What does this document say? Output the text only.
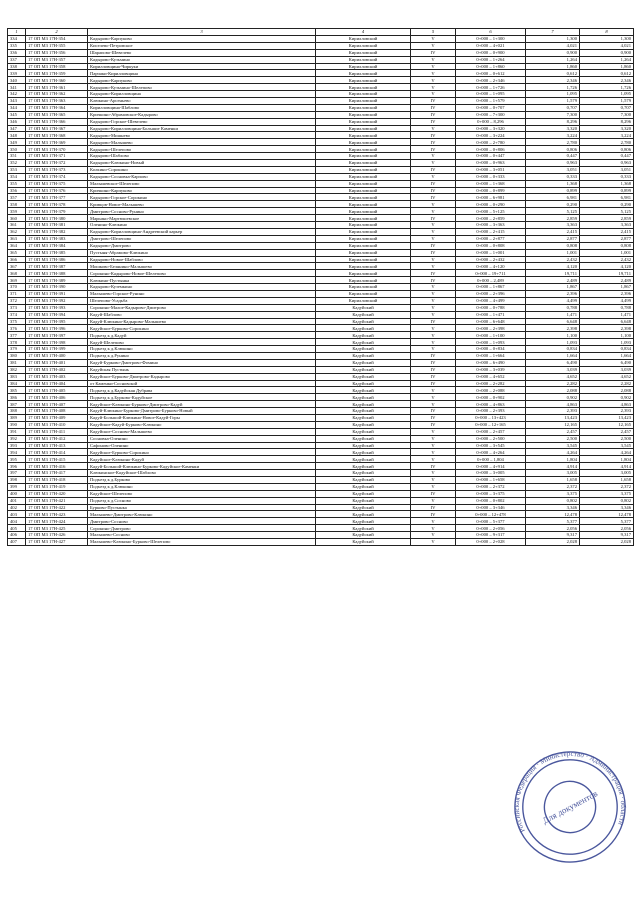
1	2	3	4	5	6	7	8
334	17 OП M3 17Н-354	Кадырово-Карпуково	Кирилловский	V	0+000 – 1+300	1,300	1,300
335	17 OП M3 17Н-355	Киселево-Петровское	Кирилловский	V	0+000 – 4+021	4,021	4,021
336	17 OП M3 17Н-356	Шарапово-Шевелево	Кирилловский	IV	0+000 – 0+900	0,900	0,900
337	17 OП M3 17Н-357	Кадырово-Кузьмино	Кирилловский	V	0+000 – 1+264	1,264	1,264
338	17 OП M3 17Н-358	Кирилловщина-Чиркуки	Кирилловский	V	0+000 – 1+860	1,860	1,860
339	17 OП M3 17Н-359	Парчаки-Кирилловщина	Кирилловский	V	0+000 – 0+612	0,612	0,612
340	17 OП M3 17Н-360	Кадырово-Карпуково	Кирилловский	V	0+000 – 2+346	2,346	2,346
341	17 OП M3 17Н-361	Кадырово-Кузьмино-Шелепово	Кирилловский	V	0+000 – 1+726	1,726	1,726
342	17 OП M3 17Н-362	Кадырово-Кирилловщина	Кирилловский	V	0+000 – 1+095	1,095	1,095
343	17 OП M3 17Н-363	Клюкино-Арсеньево	Кирилловский	IV	0+000 – 1+579	1,579	1,579
344	17 OП M3 17Н-364	Кирилловщина-Шаблово	Кирилловский	IV	0+000 – 0+707	0,707	0,707
345	17 OП M3 17Н-365	Кричкино-Абрамовское-Кадырово	Кирилловский	IV	0+000 – 7+300	7,300	7,300
346	17 OП M3 17Н-366	Кадырово-Горское-Шевелево	Кирилловский	IV	0+000 – 8,296	8,296	8,296
347	17 OП M3 17Н-367	Кадырово-Кирилловщина-Большие Каменки	Кирилловский	V	0+000 – 3+320	3,320	3,320
348	17 OП M3 17Н-368	Кадырово-Мишнево	Кирилловский	IV	0+000 – 3+224	3,224	3,224
349	17 OП M3 17Н-369	Кадырово-Малышево	Кирилловский	IV	0+000 – 2+780	2,780	2,780
350	17 OП M3 17Н-370	Кадырово-Шелепово	Кирилловский	IV	0+000 – 0+806	0,806	0,806
351	17 OП M3 17Н-371	Кадырово-Шаблово	Кирилловский	V	0+000 – 0+447	0,447	0,447
352	17 OП M3 17Н-372	Кадырово-Клюкино-Новый	Кирилловский	V	0+000 – 0+963	0,963	0,963
353	17 OП M3 17Н-373	Колкино-Сорокино	Кирилловский	IV	0+000 – 3+051	3,051	3,051
354	17 OП M3 17Н-374	Кадырово-Сосновка-Карпово	Кирилловский	V	0+000 – 0+333	0,333	0,333
355	17 OП M3 17Н-375	Малышевское-Шелепово	Кирилловский	IV	0+000 – 1+368	1,368	1,368
356	17 OП M3 17Н-376	Кричкино-Карпуково	Кирилловский	IV	0+000 – 0+899	0,899	0,899
357	17 OП M3 17Н-377	Кадырово-Горское-Сорокино	Кирилловский	IV	0+000 – 6+981	6,981	6,981
358	17 OП M3 17Н-378	Кривцов-Новое-Малышево	Кирилловский	V	0+000 – 0+290	0,290	0,290
359	17 OП M3 17Н-379	Дмитрово-Сосново-Рунино	Кирилловский	V	0+000 – 5+125	5,125	5,125
360	17 OП M3 17Н-380	Марьино-Мартюшевское	Кирилловский	IV	0+000 – 2+859	2,859	2,859
361	17 OП M3 17Н-381	Оленино-Клюкино	Кирилловский	V	0+000 – 3+363	3,363	3,363
362	17 OП M3 17Н-382	Кадырово-Кирилловщина-Андреевский карьер	Кирилловский	V	0+000 – 2+415	2,415	2,415
363	17 OП M3 17Н-383	Дмитрово-Шелепово	Кирилловский	V	0+000 – 2+877	2,877	2,877
364	17 OП M3 17Н-384	Кадырово-Дмитрово	Кирилловский	IV	0+000 – 0+808	0,808	0,808
365	17 OП M3 17Н-385	Пустыня-Абрамово-Клюкино	Кирилловский	IV	0+000 – 1+001	1,001	1,001
366	17 OП M3 17Н-386	Кадырово-Новое-Шаблово	Кирилловский	V	0+000 – 2+432	2,432	2,432
367	17 OП M3 17Н-387	Мошково-Белянино-Малышево	Кирилловский	V	0+000 – 4+120	4,120	4,120
368	17 OП M3 17Н-388	Сорокино-Кадырово-Новое-Шелепово	Кирилловский	IV	0+000 – 19+711	19,711	19,711
369	17 OП M3 17Н-389	Клюкино-Пустынка	Кирилловский	IV	0+000 – 2,489	2,489	2,489
370	17 OП M3 17Н-390	Кадырово-Куземкино	Кирилловский	V	0+000 – 1+867	1,867	1,867
371	17 OП M3 17Н-391	Малышево-Горское-Рунино	Кирилловский	V	0+000 – 2+396	2,396	2,396
372	17 OП M3 17Н-392	Шелепово-Усадьба	Кирилловский	V	0+000 – 4+499	4,499	4,499
373	17 OП M3 17Н-393	Сорокино-Малое-Кадырово-Дмитрово	Кадуйский	V	0+000 – 0+788	0,788	0,788
374	17 OП M3 17Н-394	Кадуй-Шаблово	Кадуйский	V	0+000 – 1+471	1,471	1,471
375	17 OП M3 17Н-395	Кадуй-Клюкино-Кадырово-Малышево	Кадуйский	IV	0+000 – 6+648	6,648	6,648
376	17 OП M3 17Н-396	Кадуйское-Бурково-Сорокино	Кадуйский	V	0+000 – 2+398	2,398	2,398
377	17 OП M3 17Н-397	Подъезд к д.Кадуй	Кадуйский	V	0+000 – 1+100	1,100	1,100
378	17 OП M3 17Н-398	Кадуй-Шелепово	Кадуйский	V	0+000 – 1+093	1,093	1,093
379	17 OП M3 17Н-399	Подъезд к д.Клюкино	Кадуйский	V	0+000 – 0+834	0,834	0,834
380	17 OП M3 17Н-400	Подъезд к д.Рунино	Кадуйский	IV	0+000 – 1+664	1,664	1,664
381	17 OП M3 17Н-401	Кадуй-Бурково-Дмитрово-Фомино	Кадуйский	IV	0+000 – 6+490	6,490	6,490
382	17 OП M3 17Н-402	Кадуйская Пустынь	Кадуйский	IV	0+000 – 3+039	3,039	3,039
383	17 OП M3 17Н-403	Кадуйское-Бурково-Дмитрово-Кадырово	Кадуйский	IV	0+000 – 4+652	4,652	4,652
384	17 OП M3 17Н-404	от Каменки-Сосновской	Кадуйский	IV	0+000 – 2+282	2,282	2,282
385	17 OП M3 17Н-405	Подъезд к д.Кадуйская Дубрава	Кадуйский	V	0+000 – 2+088	2,088	2,088
386	17 OП M3 17Н-406	Подъезд к д.Бурково-Кадуйское	Кадуйский	V	0+000 – 0+902	0,902	0,902
387	17 OП M3 17Н-407	Кадуйское-Клюкино-Бурково-Дмитрово-Кадуй	Кадуйский	V	0+000 – 4+863	4,863	4,863
388	17 OП M3 17Н-408	Кадуй-Клюкино-Бурково-Дмитрово-Бурково-Новый	Кадуйский	IV	0+000 – 2+393	2,393	2,393
389	17 OП M3 17Н-409	Кадуй-Большой-Клюкино-Новое-Кадуй-Горы	Кадуйский	IV	0+000 – 13+423	13,423	13,423
390	17 OП M3 17Н-410	Кадуйское-Кадуй-Бурково-Клюкино	Кадуйский	IV	0+000 – 12+165	12,165	12,165
391	17 OП M3 17Н-411	Кадуйское-Сосново-Малышево	Кадуйский	V	0+000 – 2+457	2,457	2,457
392	17 OП M3 17Н-412	Сосновка-Оленино	Кадуйский	V	0+000 – 2+500	2,500	2,500
393	17 OП M3 17Н-413	Сафоново-Оленино	Кадуйский	V	0+000 – 3+545	3,545	3,545
394	17 OП M3 17Н-414	Кадуйское-Бурково-Сорокино	Кадуйский	V	0+000 – 4+264	4,264	4,264
395	17 OП M3 17Н-415	Кадуйское-Клюкино-Кадуй	Кадуйский	V	0+000 – 1,804	1,804	1,804
396	17 OП M3 17Н-416	Кадуй-Большой-Клюкино-Бурково-Кадуйское-Каменки	Кадуйский	IV	0+000 – 4+914	4,914	4,914
397	17 OП M3 17Н-417	Клюкинское-Кадуйское-Шаблово	Кадуйский	V	0+000 – 3+005	3,005	3,005
398	17 OП M3 17Н-418	Подъезд к д.Бурково	Кадуйский	V	0+000 – 1+658	1,658	1,658
399	17 OП M3 17Н-419	Подъезд к д.Клюкино	Кадуйский	V	0+000 – 2+372	2,372	2,372
400	17 OП M3 17Н-420	Кадуйское-Шелепово	Кадуйский	IV	0+000 – 3+375	3,375	3,375
401	17 OП M3 17Н-421	Подъезд к д.Сосново	Кадуйский	V	0+000 – 0+802	0,802	0,802
402	17 OП M3 17Н-422	Бурково-Пустынка	Кадуйский	IV	0+000 – 3+346	3,346	3,346
403	17 OП M3 17Н-423	Малышево-Дмитрово-Клюкино	Кадуйский	IV	0+000 – 12+478	12,478	12,478
404	17 OП M3 17Н-424	Дмитрово-Сосново	Кадуйский	V	0+000 – 5+377	5,377	5,377
405	17 OП M3 17Н-425	Сорокино-Дмитрово	Кадуйский	V	0+000 – 2+056	2,056	2,056
406	17 OП M3 17Н-426	Малышево-Сосново	Кадуйский	V	0+000 – 9+317	9,317	9,317
407	17 OП M3 17Н-427	Малышево-Клюкино-Бурково-Шелепово	Кадуйский	V	0+000 – 2+028	2,028	2,028
Российская Федерация · Министерство · Администрация · области
Для документов
